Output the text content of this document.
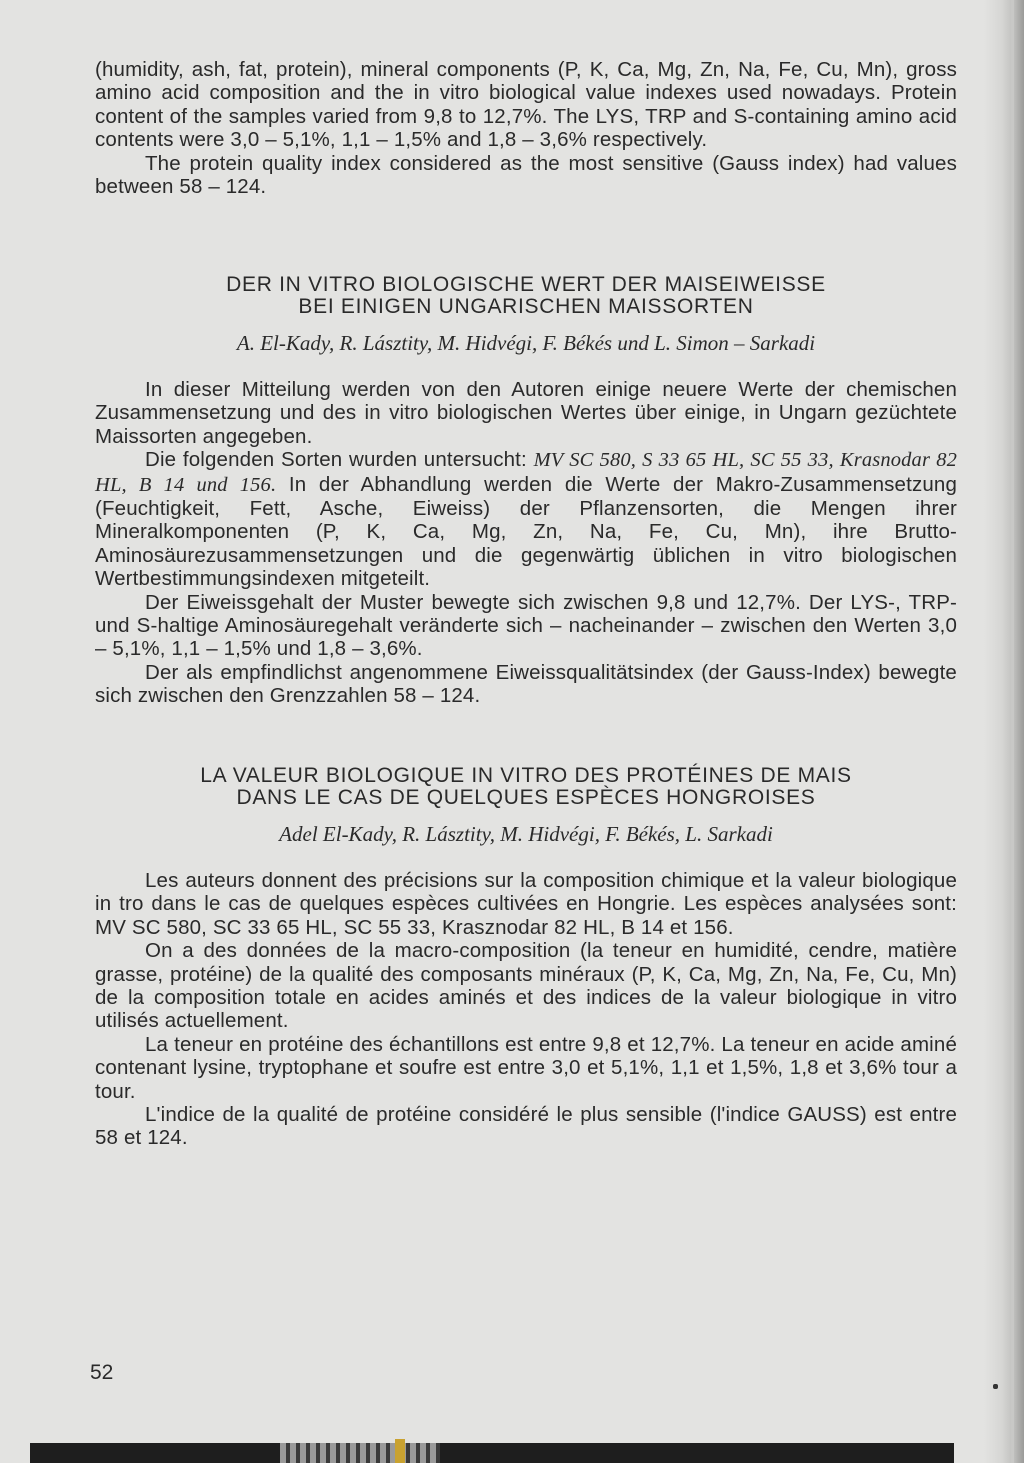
(humidity, ash, fat, protein), mineral components (P, K, Ca, Mg, Zn, Na, Fe, Cu, Mn), gross amino acid composition and the in vitro biological value indexes used nowadays. Protein content of the samples varied from 9,8 to 12,7%. The LYS, TRP and S-containing amino acid contents were 3,0 – 5,1%, 1,1 – 1,5% and 1,8 – 3,6% respectively.

The protein quality index considered as the most sensitive (Gauss index) had values between 58 – 124.

DER IN VITRO BIOLOGISCHE WERT DER MAISEIWEISSE
BEI EINIGEN UNGARISCHEN MAISSORTEN
A. El-Kady, R. Lásztity, M. Hidvégi, F. Békés und L. Simon – Sarkadi

In dieser Mitteilung werden von den Autoren einige neuere Werte der chemischen Zusammensetzung und des in vitro biologischen Wertes über einige, in Ungarn gezüchtete Maissorten angegeben.

Die folgenden Sorten wurden untersucht: MV SC 580, S 33 65 HL, SC 55 33, Krasnodar 82 HL, B 14 und 156. In der Abhandlung werden die Werte der Makro-Zusammensetzung (Feuchtigkeit, Fett, Asche, Eiweiss) der Pflanzensorten, die Mengen ihrer Mineralkomponenten (P, K, Ca, Mg, Zn, Na, Fe, Cu, Mn), ihre Brutto-Aminosäurezusammensetzungen und die gegenwärtig üblichen in vitro biologischen Wertbestimmungsindexen mitgeteilt.

Der Eiweissgehalt der Muster bewegte sich zwischen 9,8 und 12,7%. Der LYS-, TRP- und S-haltige Aminosäuregehalt veränderte sich – nacheinander – zwischen den Werten 3,0 – 5,1%, 1,1 – 1,5% und 1,8 – 3,6%.

Der als empfindlichst angenommene Eiweissqualitätsindex (der Gauss-Index) bewegte sich zwischen den Grenzzahlen 58 – 124.

LA VALEUR BIOLOGIQUE IN VITRO DES PROTÉINES DE MAIS
DANS LE CAS DE QUELQUES ESPÈCES HONGROISES
Adel El-Kady, R. Lásztity, M. Hidvégi, F. Békés, L. Sarkadi

Les auteurs donnent des précisions sur la composition chimique et la valeur biologique in tro dans le cas de quelques espèces cultivées en Hongrie. Les espèces analysées sont: MV SC 580, SC 33 65 HL, SC 55 33, Krasznodar 82 HL, B 14 et 156.

On a des données de la macro-composition (la teneur en humidité, cendre, matière grasse, protéine) de la qualité des composants minéraux (P, K, Ca, Mg, Zn, Na, Fe, Cu, Mn) de la composition totale en acides aminés et des indices de la valeur biologique in vitro utilisés actuellement.

La teneur en protéine des échantillons est entre 9,8 et 12,7%. La teneur en acide aminé contenant lysine, tryptophane et soufre est entre 3,0 et 5,1%, 1,1 et 1,5%, 1,8 et 3,6% tour a tour.

L'indice de la qualité de protéine considéré le plus sensible (l'indice GAUSS) est entre 58 et 124.

52
